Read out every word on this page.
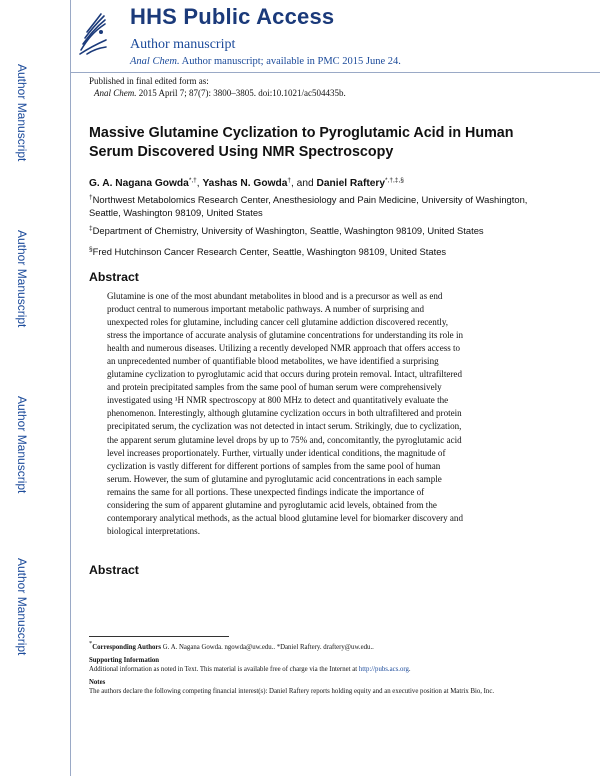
HHS Public Access
Author manuscript
Anal Chem. Author manuscript; available in PMC 2015 June 24.
Author Manuscript
Author Manuscript
Author Manuscript
Author Manuscript
Published in final edited form as:
Anal Chem. 2015 April 7; 87(7): 3800–3805. doi:10.1021/ac504435b.
Massive Glutamine Cyclization to Pyroglutamic Acid in Human Serum Discovered Using NMR Spectroscopy
G. A. Nagana Gowda*,†, Yashas N. Gowda†, and Daniel Raftery*,†,‡,§
†Northwest Metabolomics Research Center, Anesthesiology and Pain Medicine, University of Washington, Seattle, Washington 98109, United States
‡Department of Chemistry, University of Washington, Seattle, Washington 98109, United States
§Fred Hutchinson Cancer Research Center, Seattle, Washington 98109, United States
Abstract

Glutamine is one of the most abundant metabolites in blood and is a precursor as well as end

product central to numerous important metabolic pathways. A number of surprising and

unexpected roles for glutamine, including cancer cell glutamine addiction discovered recently,

stress the importance of accurate analysis of glutamine concentrations for understanding its role in

health and numerous diseases. Utilizing a recently developed NMR approach that offers access to

an unprecedented number of quantifiable blood metabolites, we have identified a surprising

glutamine cyclization to pyroglutamic acid that occurs during protein removal. Intact, ultrafiltered

and protein precipitated samples from the same pool of human serum were comprehensively

investigated using ¹H NMR spectroscopy at 800 MHz to detect and quantitatively evaluate the

phenomenon. Interestingly, although glutamine cyclization occurs in both ultrafiltered and protein

precipitated serum, the cyclization was not detected in intact serum. Strikingly, due to cyclization,

the apparent serum glutamine level drops by up to 75% and, concomitantly, the pyroglutamic acid

level increases proportionately. Further, virtually under identical conditions, the magnitude of

cyclization is vastly different for different portions of samples from the same pool of human

serum. However, the sum of glutamine and pyroglutamic acid concentrations in each sample

remains the same for all portions. These unexpected findings indicate the importance of

considering the sum of apparent glutamine and pyroglutamic acid levels, obtained from the

contemporary analytical methods, as the actual blood glutamine level for biomarker discovery and

biological interpretations.

Abstract
*Corresponding Authors G. A. Nagana Gowda. ngowda@uw.edu.. *Daniel Raftery. draftery@uw.edu..
Supporting Information
Additional information as noted in Text. This material is available free of charge via the Internet at http://pubs.acs.org.
Notes
The authors declare the following competing financial interest(s): Daniel Raftery reports holding equity and an executive position at Matrix Bio, Inc.
